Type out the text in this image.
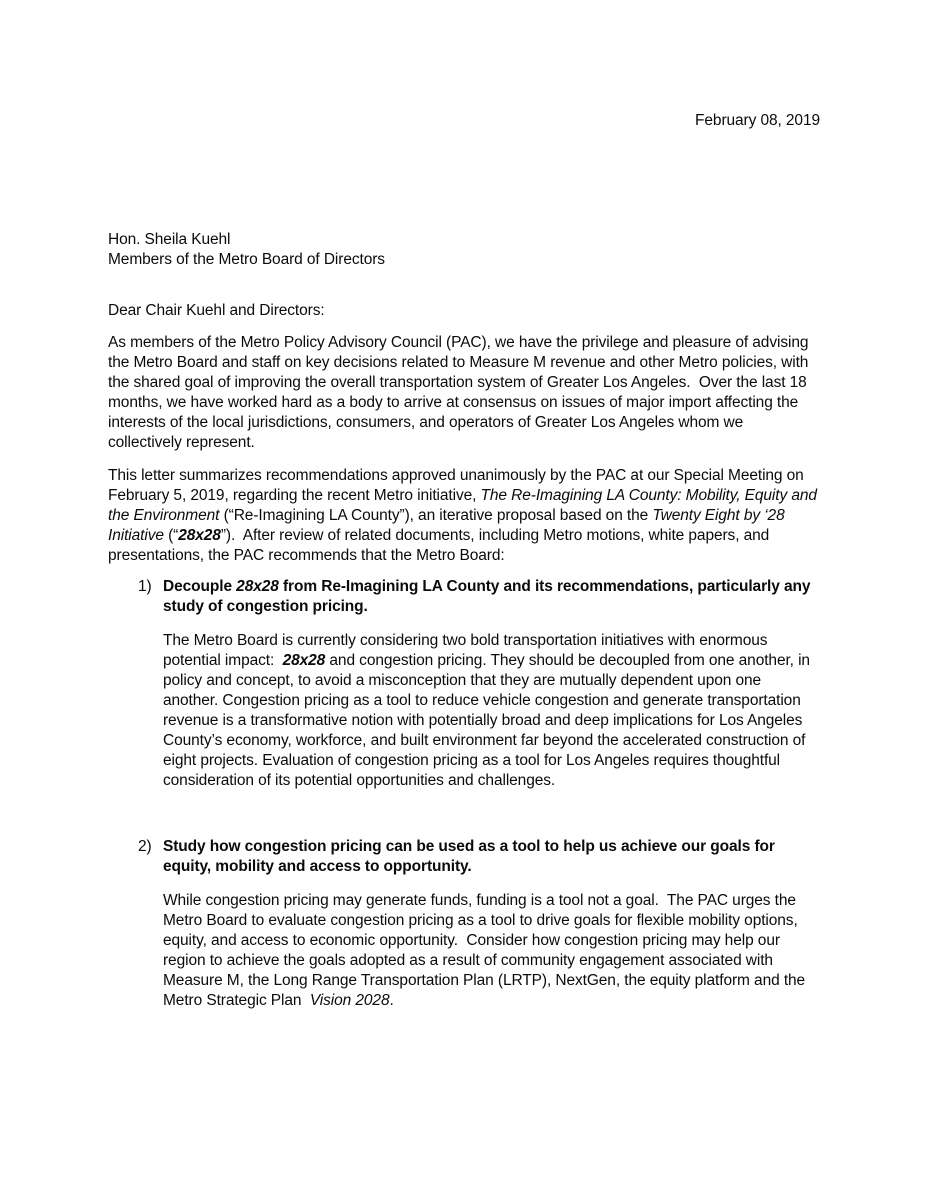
February 08, 2019
Hon. Sheila Kuehl
Members of the Metro Board of Directors
Dear Chair Kuehl and Directors:

As members of the Metro Policy Advisory Council (PAC), we have the privilege and pleasure of advising the Metro Board and staff on key decisions related to Measure M revenue and other Metro policies, with the shared goal of improving the overall transportation system of Greater Los Angeles.  Over the last 18 months, we have worked hard as a body to arrive at consensus on issues of major import affecting the interests of the local jurisdictions, consumers, and operators of Greater Los Angeles whom we collectively represent.

This letter summarizes recommendations approved unanimously by the PAC at our Special Meeting on February 5, 2019, regarding the recent Metro initiative, The Re-Imagining LA County: Mobility, Equity and the Environment (“Re-Imagining LA County”), an iterative proposal based on the Twenty Eight by ‘28 Initiative (“28x28”).  After review of related documents, including Metro motions, white papers, and presentations, the PAC recommends that the Metro Board:

1) Decouple 28x28 from Re-Imagining LA County and its recommendations, particularly any study of congestion pricing.

The Metro Board is currently considering two bold transportation initiatives with enormous potential impact:  28x28 and congestion pricing. They should be decoupled from one another, in policy and concept, to avoid a misconception that they are mutually dependent upon one another. Congestion pricing as a tool to reduce vehicle congestion and generate transportation revenue is a transformative notion with potentially broad and deep implications for Los Angeles County’s economy, workforce, and built environment far beyond the accelerated construction of eight projects. Evaluation of congestion pricing as a tool for Los Angeles requires thoughtful consideration of its potential opportunities and challenges.

2) Study how congestion pricing can be used as a tool to help us achieve our goals for equity, mobility and access to opportunity.

While congestion pricing may generate funds, funding is a tool not a goal.  The PAC urges the Metro Board to evaluate congestion pricing as a tool to drive goals for flexible mobility options, equity, and access to economic opportunity.  Consider how congestion pricing may help our region to achieve the goals adopted as a result of community engagement associated with Measure M, the Long Range Transportation Plan (LRTP), NextGen, the equity platform and the Metro Strategic Plan  Vision 2028.
